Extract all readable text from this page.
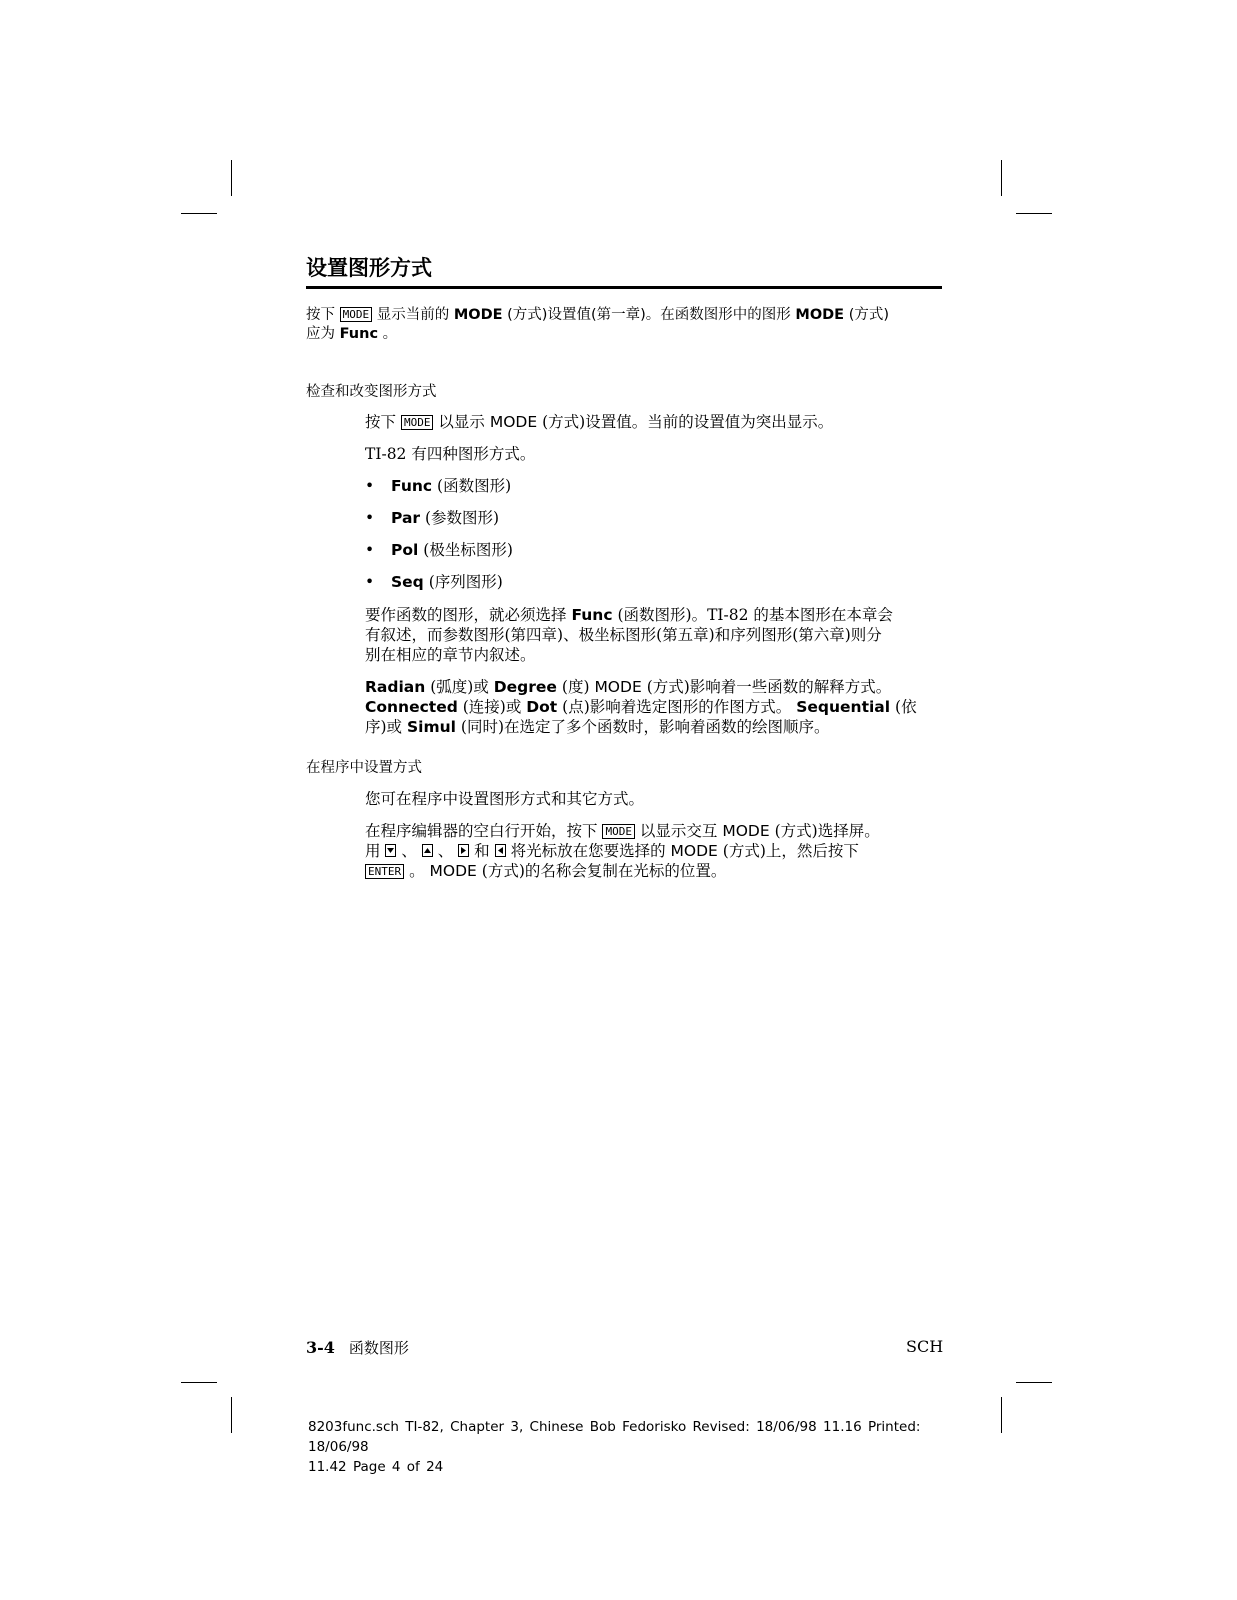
设置图形方式
按下 MODE 显示当前的 MODE (方式)设置值(第一章)。在函数图形中的图形 MODE (方式)
应为 Func 。
检查和改变图形方式
按下 MODE 以显示 MODE (方式)设置值。当前的设置值为突出显示。
TI-82 有四种图形方式。
• Func (函数图形)
• Par (参数图形)
• Pol (极坐标图形)
• Seq (序列图形)
要作函数的图形，就必须选择 Func (函数图形)。TI-82 的基本图形在本章会
有叙述，而参数图形(第四章)、极坐标图形(第五章)和序列图形(第六章)则分
别在相应的章节内叙述。
Radian (弧度)或 Degree (度) MODE (方式)影响着一些函数的解释方式。
Connected (连接)或 Dot (点)影响着选定图形的作图方式。 Sequential (依
序)或 Simul (同时)在选定了多个函数时，影响着函数的绘图顺序。
在程序中设置方式
您可在程序中设置图形方式和其它方式。
在程序编辑器的空白行开始，按下 MODE 以显示交互 MODE (方式)选择屏。
用 、 、 和 将光标放在您要选择的 MODE (方式)上，然后按下
ENTER 。 MODE (方式)的名称会复制在光标的位置。
3-4 函数图形	SCH
8203func.sch TI-82, Chapter 3, Chinese Bob Fedorisko Revised: 18/06/98 11.16 Printed: 18/06/98
11.42 Page 4 of 24
